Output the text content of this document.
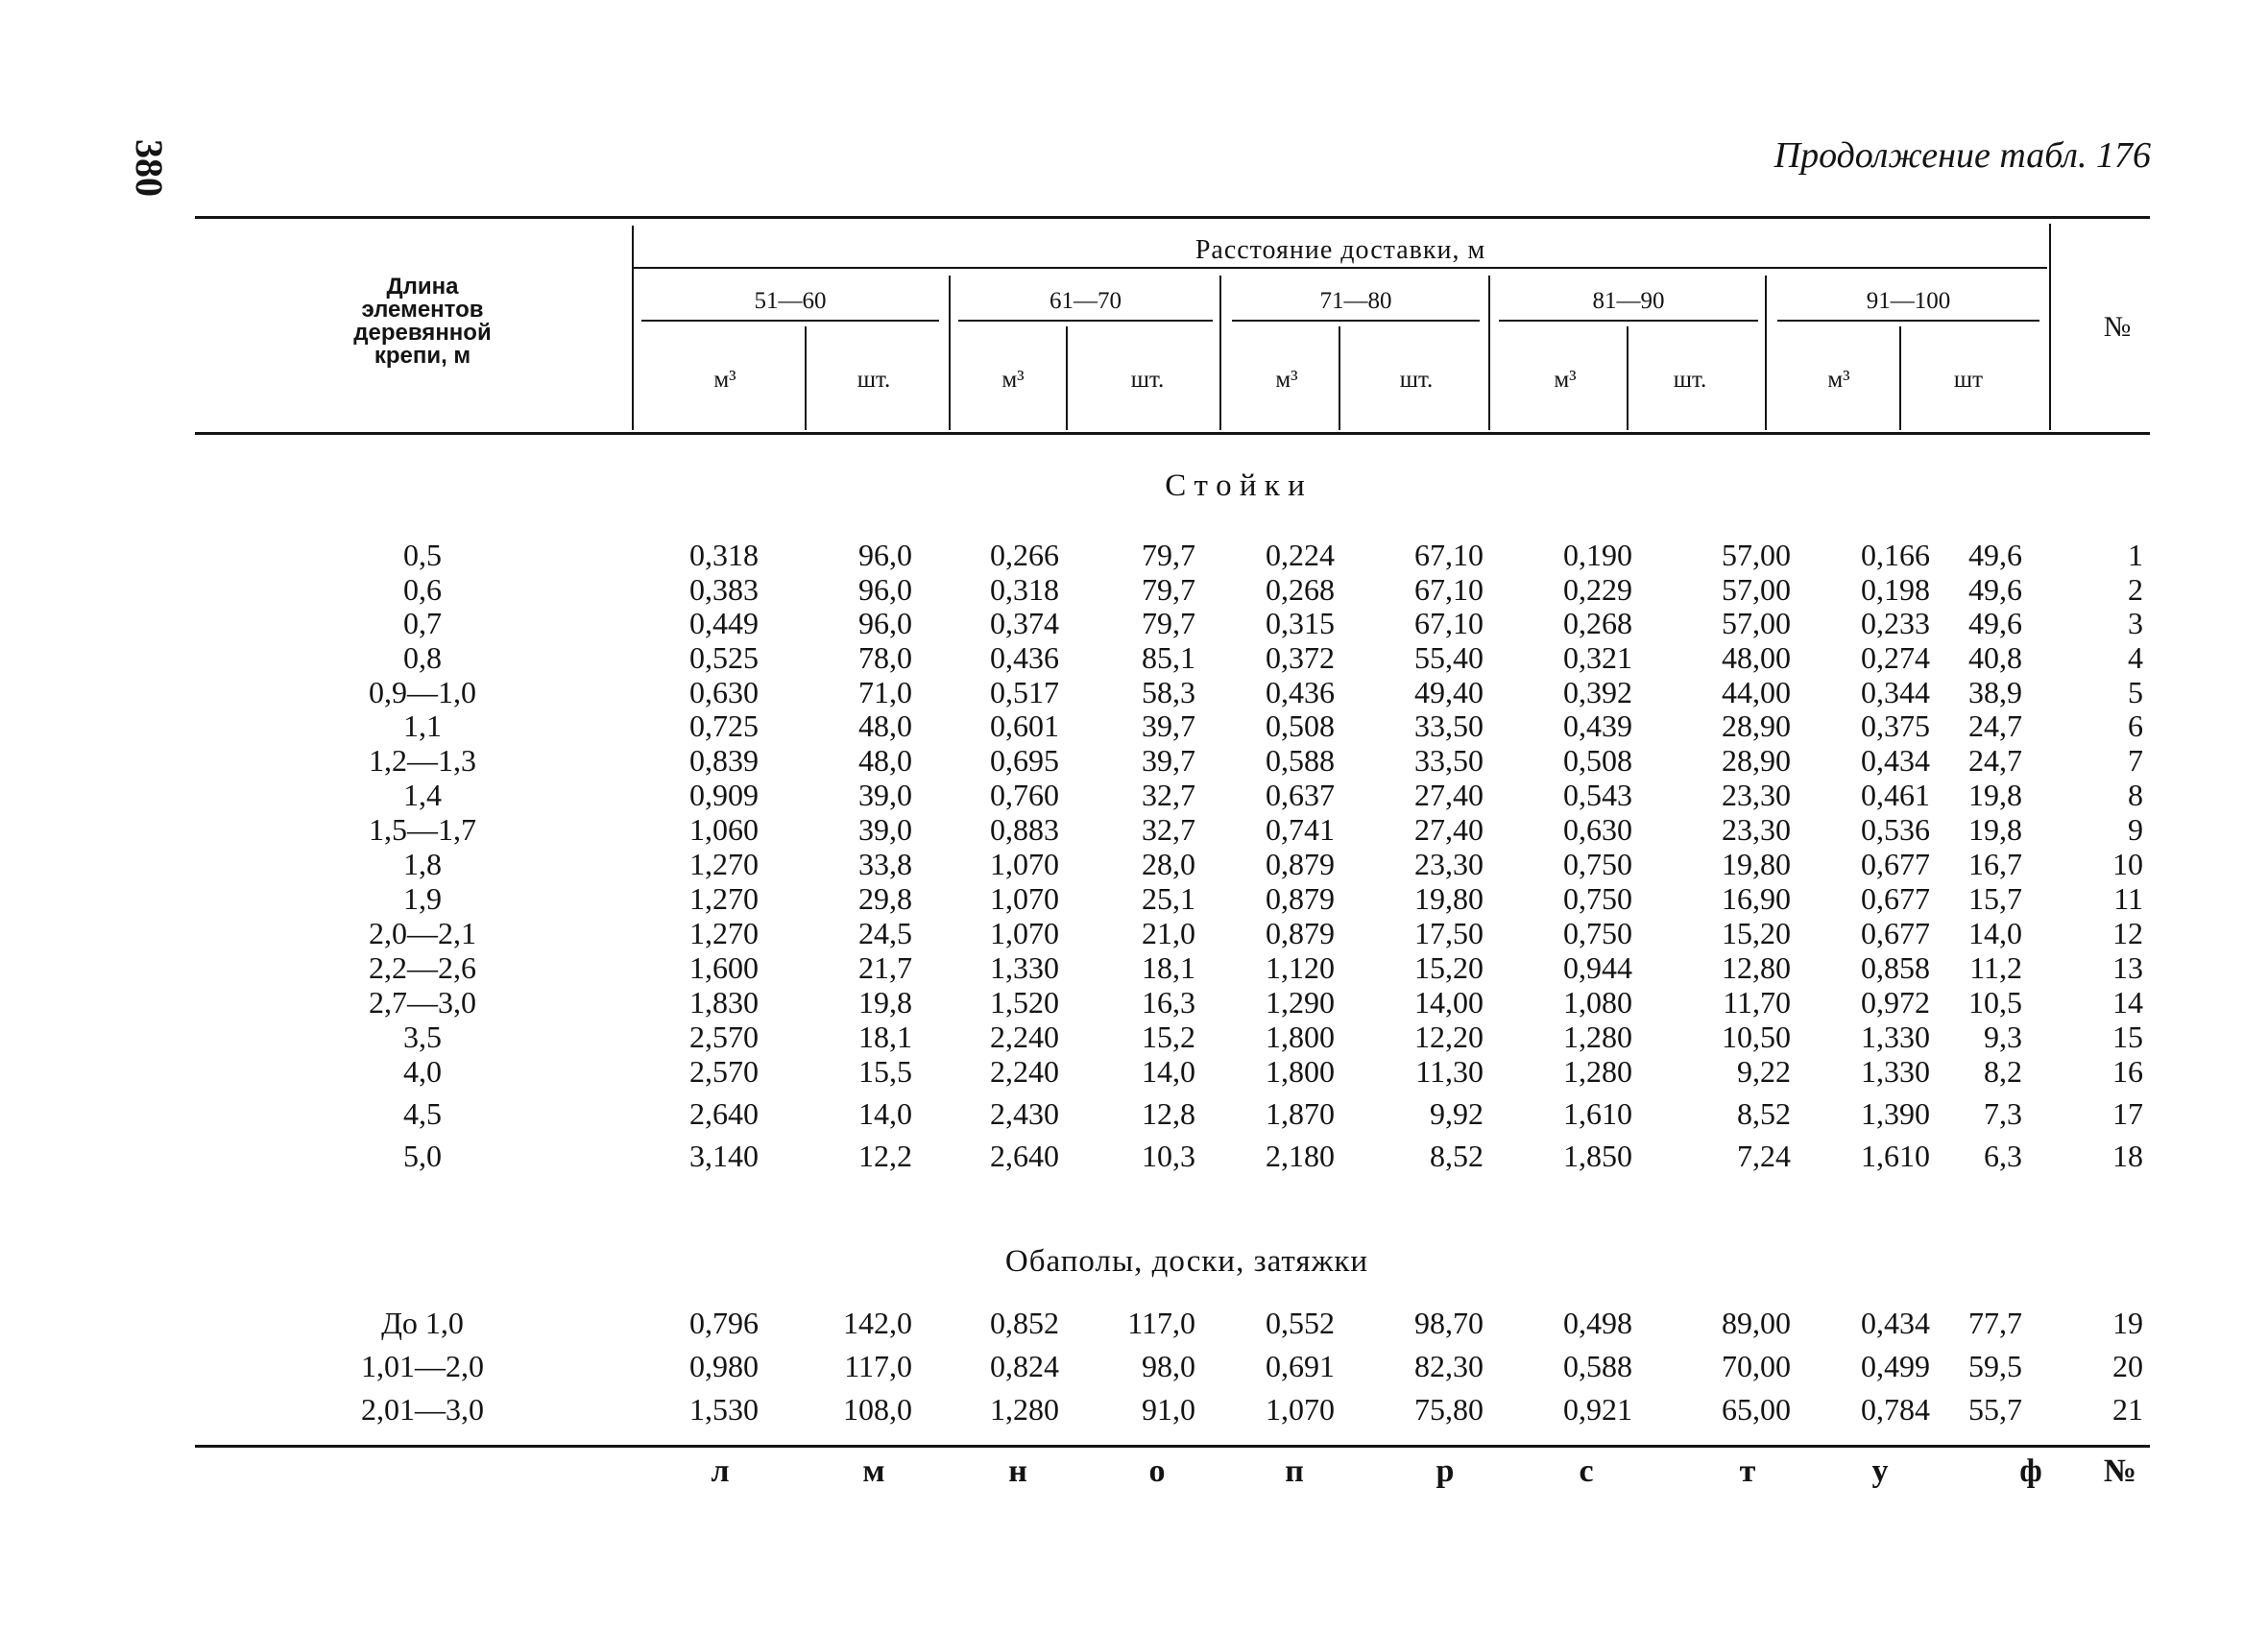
380	Продолжение табл. 176
Длина элементов деревянной крепи, м
Расстояние доставки, м
№
51—60	61—70	71—80	81—90	91—100
м³	шт.	м³	шт.	м³	шт.	м³	шт.	м³	шт
С т о й к и
Обаполы, доски, затяжки
0,5	0,318	96,0	0,266	79,7	0,224	67,10	0,190	57,00	0,166	49,6	1
0,6	0,383	96,0	0,318	79,7	0,268	67,10	0,229	57,00	0,198	49,6	2
0,7	0,449	96,0	0,374	79,7	0,315	67,10	0,268	57,00	0,233	49,6	3
0,8	0,525	78,0	0,436	85,1	0,372	55,40	0,321	48,00	0,274	40,8	4
0,9—1,0	0,630	71,0	0,517	58,3	0,436	49,40	0,392	44,00	0,344	38,9	5
1,1	0,725	48,0	0,601	39,7	0,508	33,50	0,439	28,90	0,375	24,7	6
1,2—1,3	0,839	48,0	0,695	39,7	0,588	33,50	0,508	28,90	0,434	24,7	7
1,4	0,909	39,0	0,760	32,7	0,637	27,40	0,543	23,30	0,461	19,8	8
1,5—1,7	1,060	39,0	0,883	32,7	0,741	27,40	0,630	23,30	0,536	19,8	9
1,8	1,270	33,8	1,070	28,0	0,879	23,30	0,750	19,80	0,677	16,7	10
1,9	1,270	29,8	1,070	25,1	0,879	19,80	0,750	16,90	0,677	15,7	11
2,0—2,1	1,270	24,5	1,070	21,0	0,879	17,50	0,750	15,20	0,677	14,0	12
2,2—2,6	1,600	21,7	1,330	18,1	1,120	15,20	0,944	12,80	0,858	11,2	13
2,7—3,0	1,830	19,8	1,520	16,3	1,290	14,00	1,080	11,70	0,972	10,5	14
3,5	2,570	18,1	2,240	15,2	1,800	12,20	1,280	10,50	1,330	9,3	15
4,0	2,570	15,5	2,240	14,0	1,800	11,30	1,280	9,22	1,330	8,2	16
4,5	2,640	14,0	2,430	12,8	1,870	9,92	1,610	8,52	1,390	7,3	17
5,0	3,140	12,2	2,640	10,3	2,180	8,52	1,850	7,24	1,610	6,3	18
До 1,0	0,796	142,0	0,852	117,0	0,552	98,70	0,498	89,00	0,434	77,7	19
1,01—2,0	0,980	117,0	0,824	98,0	0,691	82,30	0,588	70,00	0,499	59,5	20
2,01—3,0	1,530	108,0	1,280	91,0	1,070	75,80	0,921	65,00	0,784	55,7	21
л	м	н	о	п	р	с	т	у	ф	№
